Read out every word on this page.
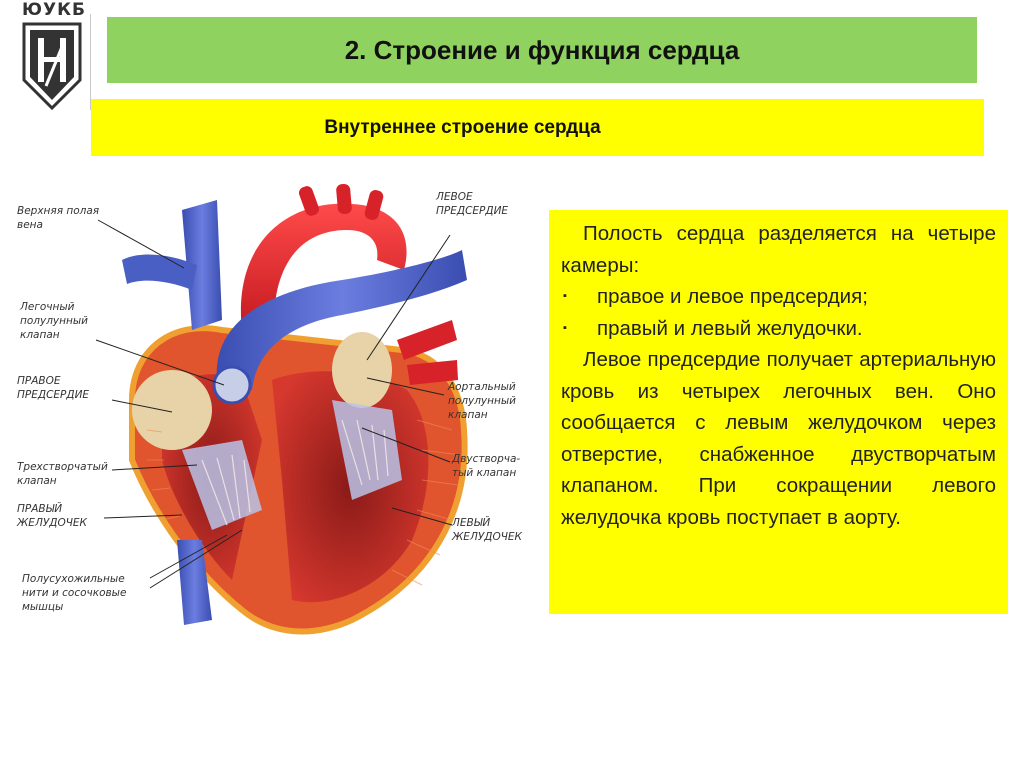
ЮУКБ
2. Строение и функция сердца
Внутреннее строение сердца
Верхняя полая
вена
ЛЕВОЕ
ПРЕДСЕРДИЕ
Легочный
полулунный
клапан
ПРАВОЕ
ПРЕДСЕРДИЕ
Аортальный
полулунный
клапан
Трехстворчатый
клапан
Двустворча-
тый клапан
ПРАВЫЙ
ЖЕЛУДОЧЕК	ЛЕВЫЙ
ЖЕЛУДОЧЕК
Полусухожильные
нити и сосочковые
мышцы

Полость сердца разделяется на четыре камеры:

▪	правое и левое предсердия;
▪	правый и левый желудочки.

Левое предсердие получает артериальную кровь из четырех легочных вен. Оно сообщается с левым желудочком через отверстие, снабженное двустворчатым клапаном. При сокращении левого желудочка кровь поступает в аорту.
